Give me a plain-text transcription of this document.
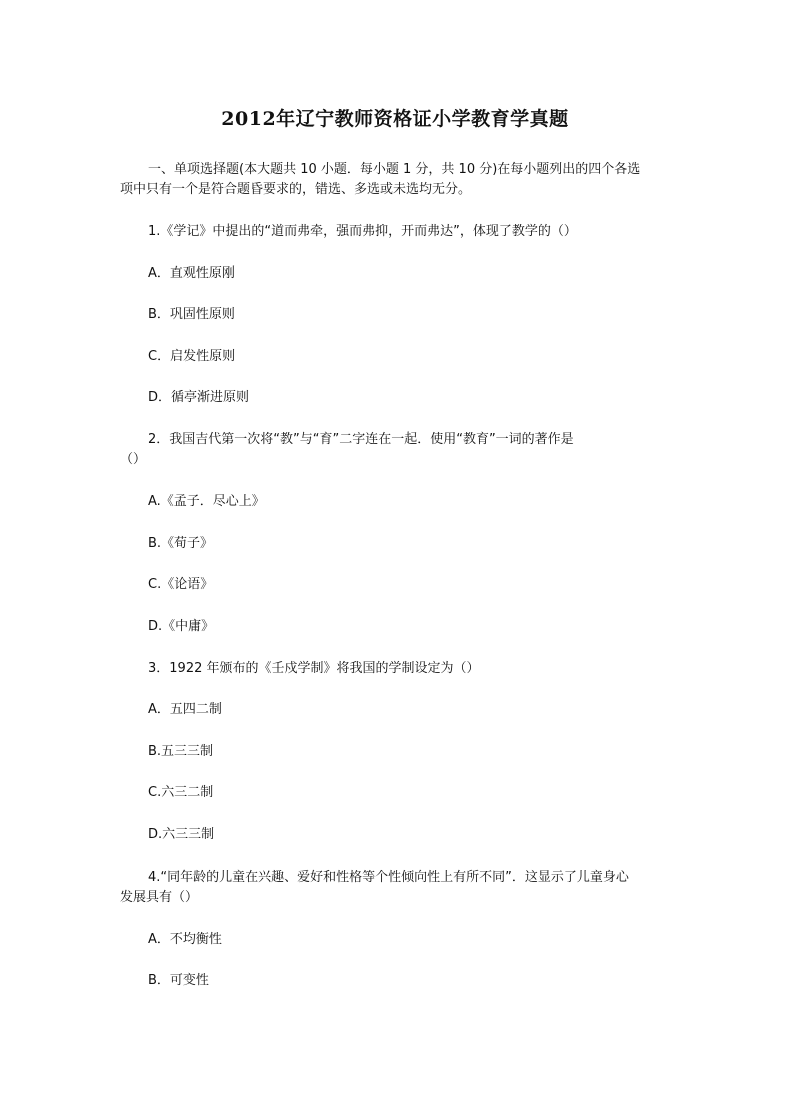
2012年辽宁教师资格证小学教育学真题
一、单项选择题(本大题共 10 小题．每小题 1 分，共 10 分)在每小题列出的四个各选
项中只有一个是符合题昏要求的，错选、多选或未选均无分。
1.《学记》中提出的“道而弗牵，强而弗抑，开而弗达”，体现了教学的（）
A．直观性原刚
B．巩固性原则
C．启发性原则
D．循亭渐进原则
2．我国吉代第一次将“教”与“育”二字连在一起．使用“教育”一词的著作是
（）
A.《孟子．尽心上》
B.《荀子》
C.《论语》
D.《中庸》
3．1922 年颁布的《壬戍学制》将我国的学制设定为（）
A．五四二制
B.五三三制
C.六三二制
D.六三三制
4.“同年龄的儿童在兴趣、爱好和性格等个性倾向性上有所不同”．这显示了儿童身心
发展具有（）
A．不均衡性
B．可变性
